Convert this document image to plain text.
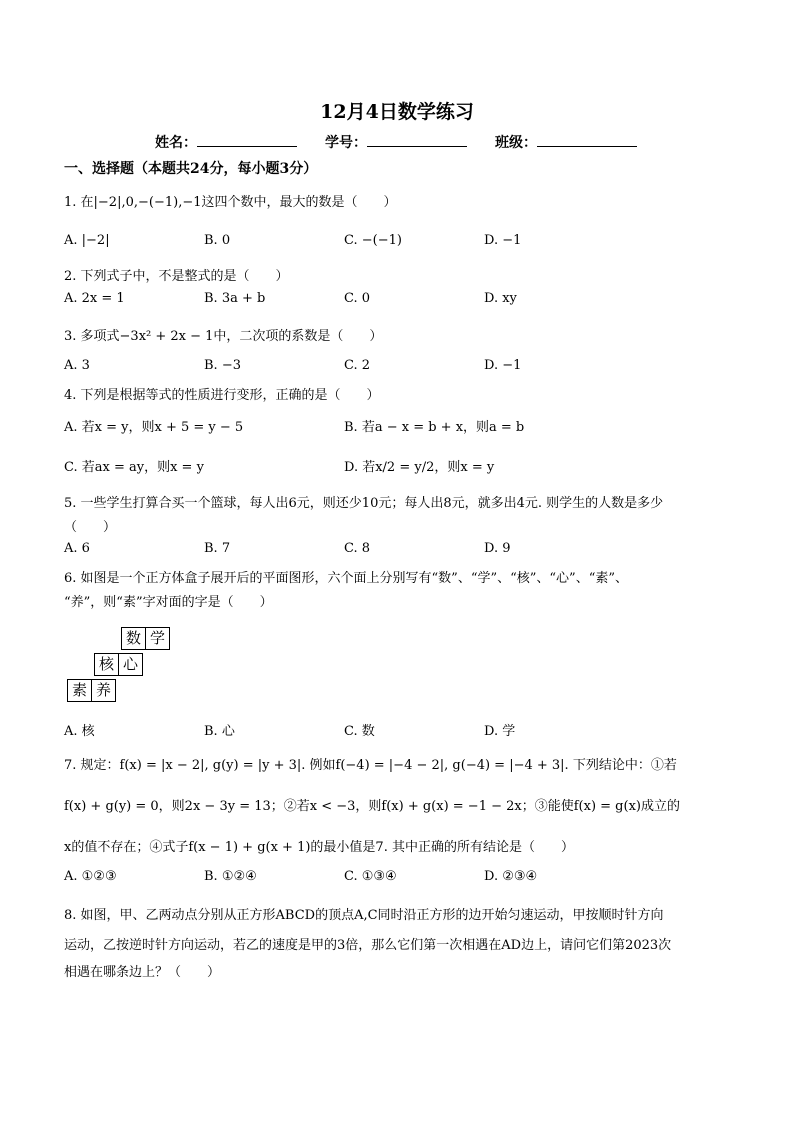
12月4日数学练习
姓名：	学号：	班级：
一、选择题（本题共24分，每小题3分）
1. 在|−2|,0,−(−1),−1这四个数中，最大的数是（　　）
A. |−2|	B. 0	C. −(−1)	D. −1
2. 下列式子中，不是整式的是（　　）
A. 2x = 1	B. 3a + b	C. 0	D. xy
3. 多项式−3x² + 2x − 1中，二次项的系数是（　　）
A. 3	B. −3	C. 2	D. −1
4. 下列是根据等式的性质进行变形，正确的是（　　）
A. 若x = y，则x + 5 = y − 5	B. 若a − x = b + x，则a = b
C. 若ax = ay，则x = y	D. 若x/2 = y/2，则x = y
5. 一些学生打算合买一个篮球，每人出6元，则还少10元；每人出8元，就多出4元. 则学生的人数是多少
（　　）
A. 6	B. 7	C. 8	D. 9
6. 如图是一个正方体盒子展开后的平面图形，六个面上分别写有“数”、“学”、“核”、“心”、“素”、
“养”，则“素”字对面的字是（　　）
数 学
核 心
素 养
A. 核	B. 心	C. 数	D. 学
7. 规定：f(x) = |x − 2|, g(y) = |y + 3|. 例如f(−4) = |−4 − 2|, g(−4) = |−4 + 3|. 下列结论中：①若
f(x) + g(y) = 0，则2x − 3y = 13；②若x < −3，则f(x) + g(x) = −1 − 2x；③能使f(x) = g(x)成立的
x的值不存在；④式子f(x − 1) + g(x + 1)的最小值是7. 其中正确的所有结论是（　　）
A. ①②③	B. ①②④	C. ①③④	D. ②③④
8. 如图，甲、乙两动点分别从正方形ABCD的顶点A,C同时沿正方形的边开始匀速运动，甲按顺时针方向
运动，乙按逆时针方向运动，若乙的速度是甲的3倍，那么它们第一次相遇在AD边上，请问它们第2023次
相遇在哪条边上？（　　）
